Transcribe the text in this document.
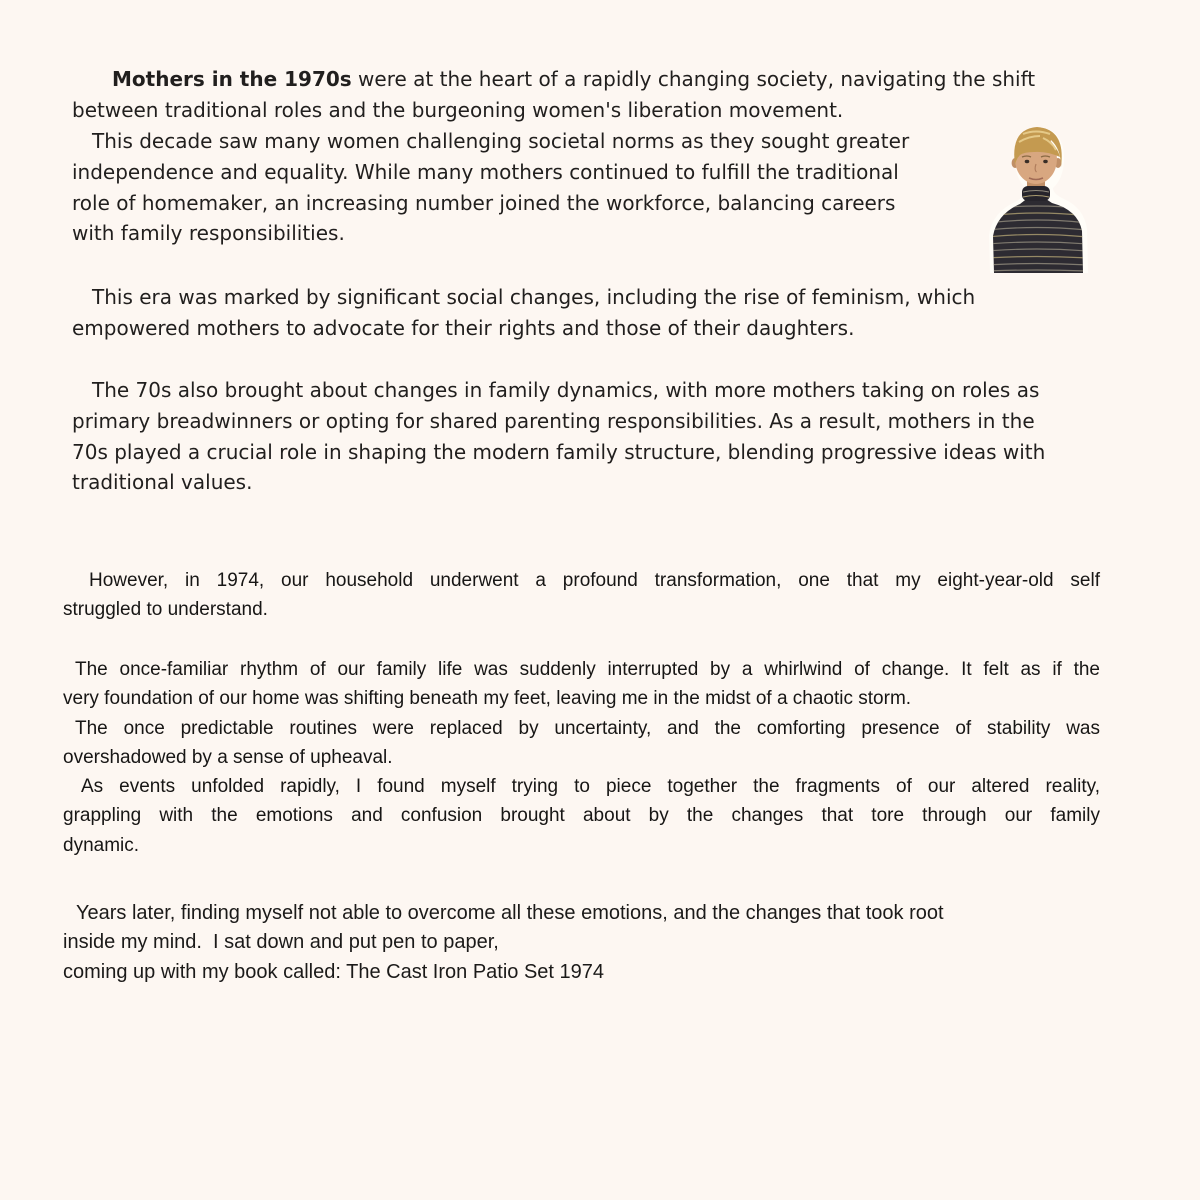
Mothers in the 1970s were at the heart of a rapidly changing society, navigating the shift
between traditional roles and the burgeoning women's liberation movement.
This decade saw many women challenging societal norms as they sought greater
independence and equality. While many mothers continued to fulfill the traditional
role of homemaker, an increasing number joined the workforce, balancing careers
with family responsibilities.
This era was marked by significant social changes, including the rise of feminism, which
empowered mothers to advocate for their rights and those of their daughters.
The 70s also brought about changes in family dynamics, with more mothers taking on roles as
primary breadwinners or opting for shared parenting responsibilities. As a result, mothers in the
70s played a crucial role in shaping the modern family structure, blending progressive ideas with
traditional values.
However, in 1974, our household underwent a profound transformation, one that my eight-year-old self
struggled to understand.
The once-familiar rhythm of our family life was suddenly interrupted by a whirlwind of change. It felt as if the
very foundation of our home was shifting beneath my feet, leaving me in the midst of a chaotic storm.
The once predictable routines were replaced by uncertainty, and the comforting presence of stability was
overshadowed by a sense of upheaval.
As events unfolded rapidly, I found myself trying to piece together the fragments of our altered reality,
grappling with the emotions and confusion brought about by the changes that tore through our family
dynamic.
Years later, finding myself not able to overcome all these emotions, and the changes that took root
inside my mind.  I sat down and put pen to paper,
coming up with my book called: The Cast Iron Patio Set 1974
